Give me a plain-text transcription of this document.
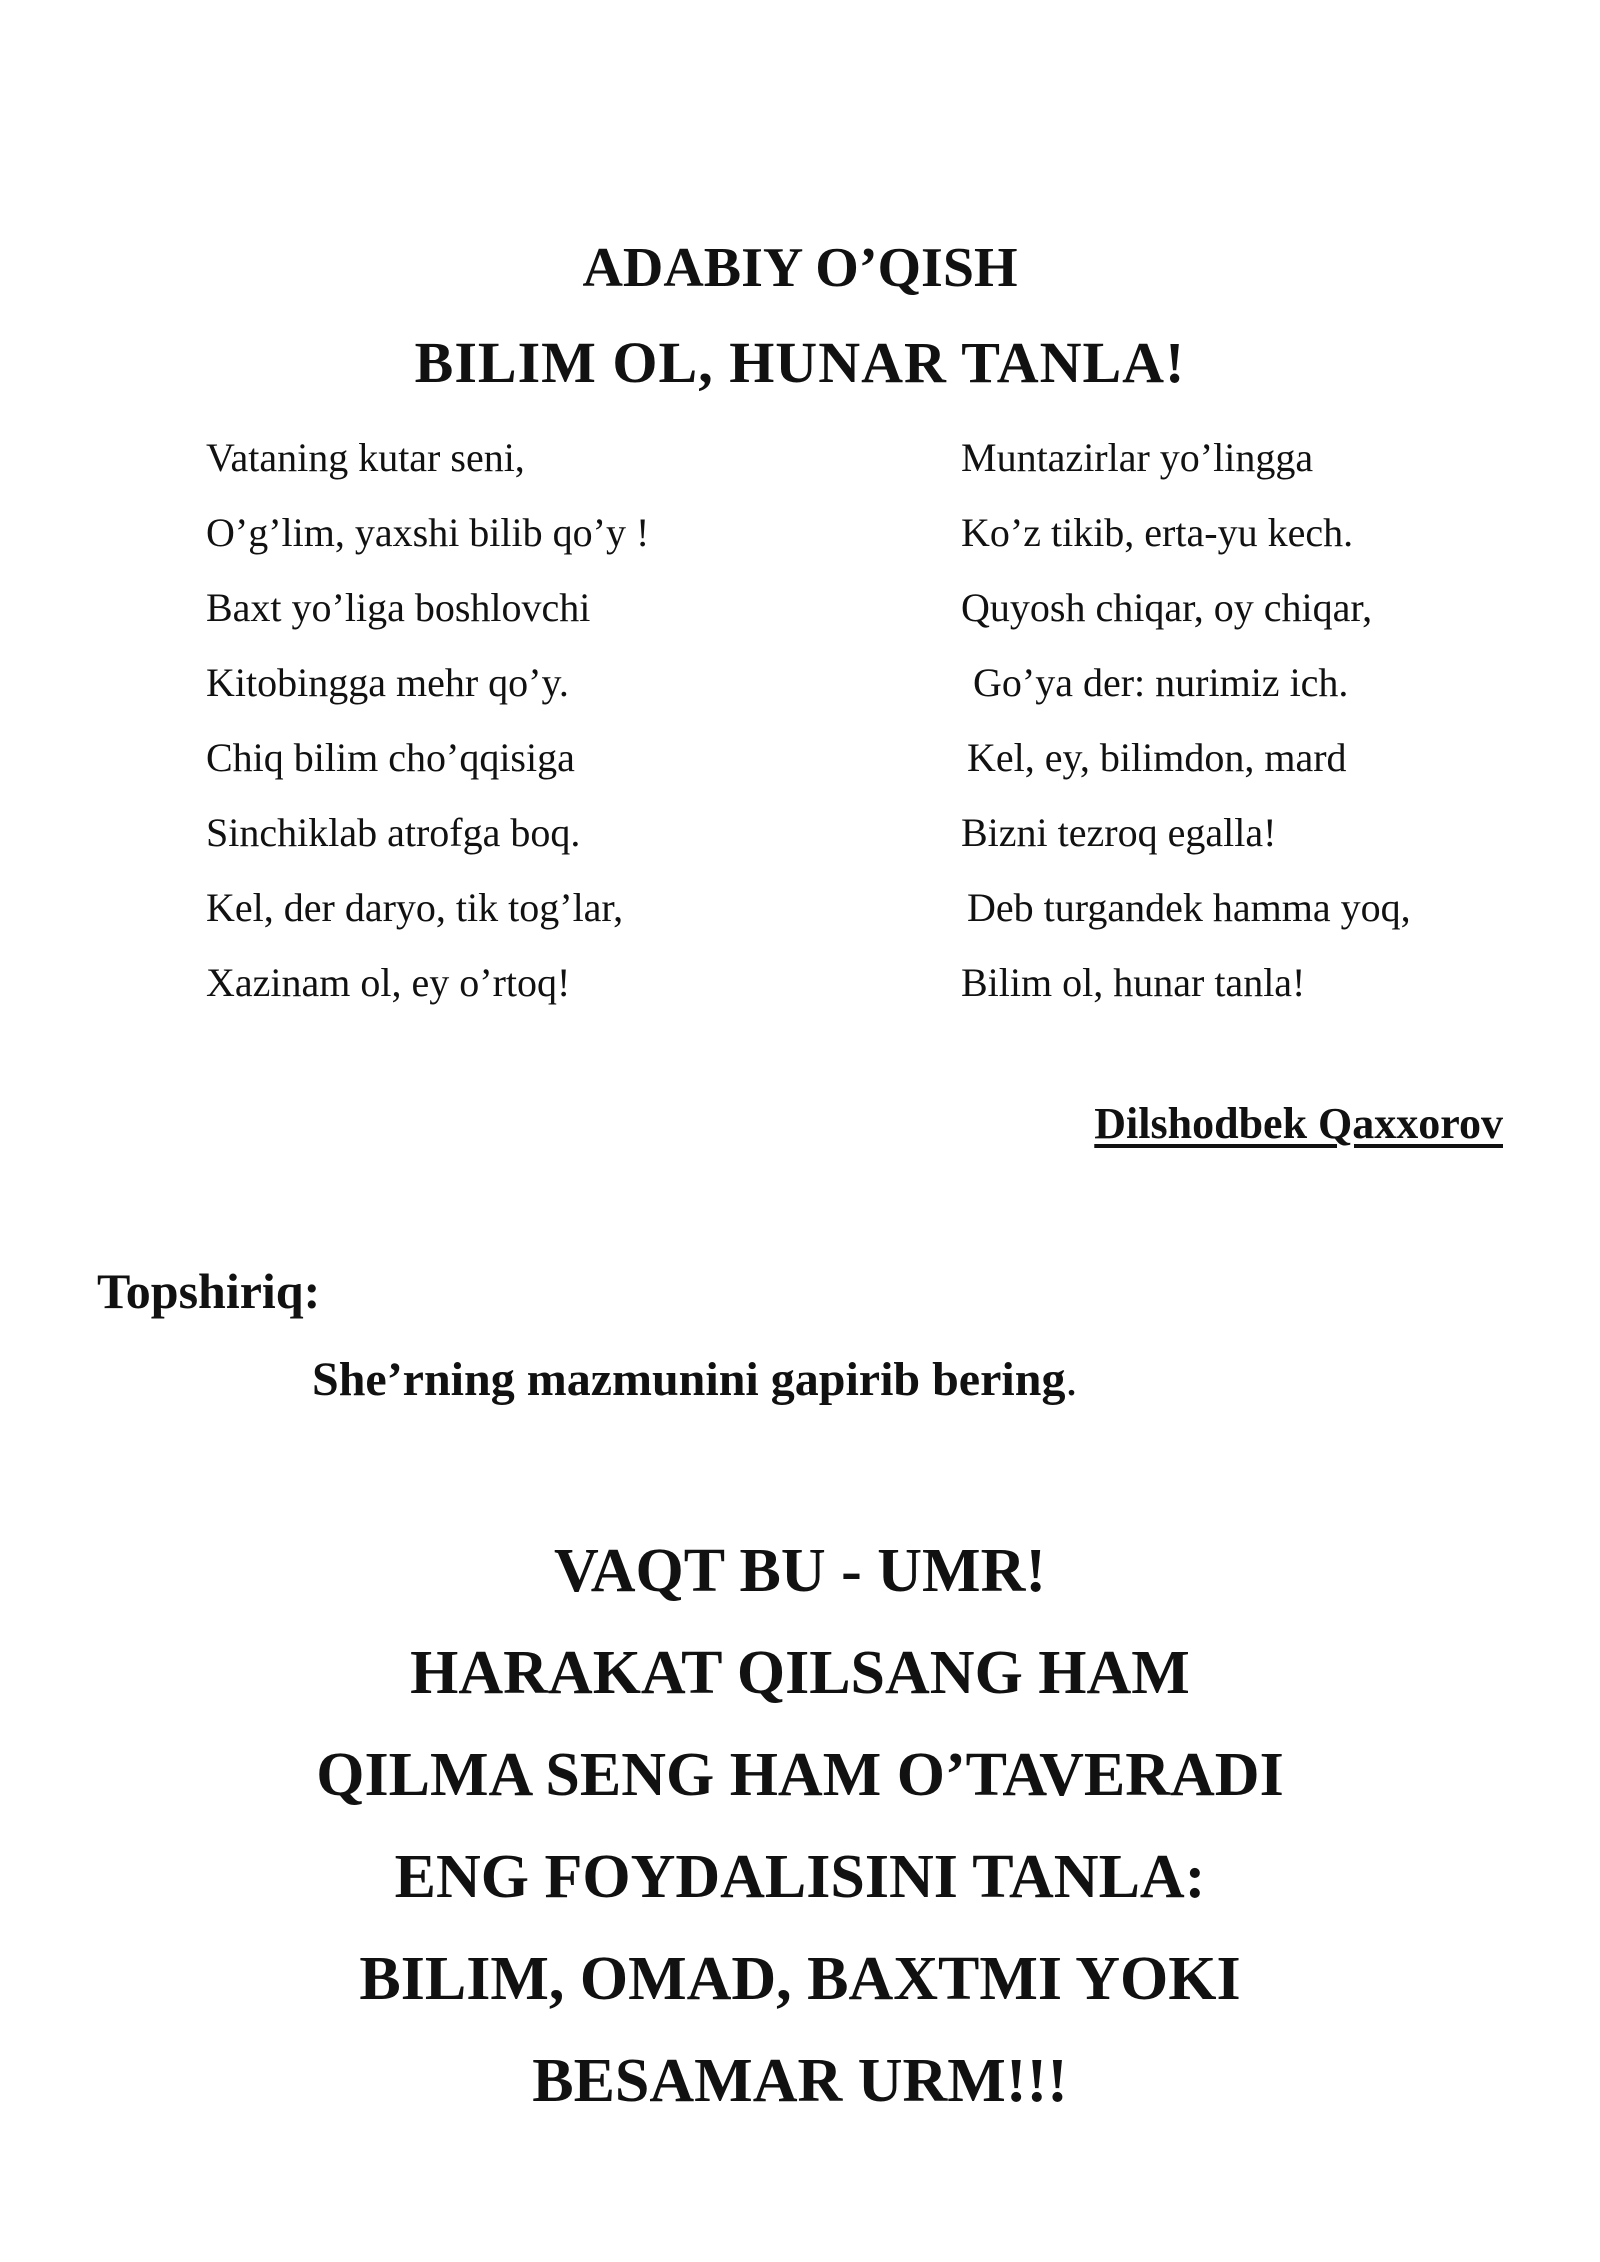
ADABIY O’QISH
BILIM OL, HUNAR TANLA!
Vataning kutar seni,
O’g’lim, yaxshi bilib qo’y !
Baxt yo’liga boshlovchi
Kitobingga mehr qo’y.
Chiq bilim cho’qqisiga
Sinchiklab atrofga boq.
Kel, der daryo, tik tog’lar,
Xazinam ol, ey o’rtoq!
Muntazirlar yo’lingga
Ko’z tikib, erta-yu kech.
Quyosh chiqar, oy chiqar,
Go’ya der: nurimiz ich.
Kel, ey, bilimdon, mard
Bizni tezroq egalla!
Deb turgandek hamma yoq,
Bilim ol, hunar tanla!
Dilshodbek Qaxxorov
Topshiriq:
She’rning mazmunini gapirib bering.
VAQT BU - UMR!
HARAKAT QILSANG HAM
QILMA SENG HAM O’TAVERADI
ENG FOYDALISINI TANLA:
BILIM, OMAD, BAXTMI YOKI
BESAMAR URM!!!
